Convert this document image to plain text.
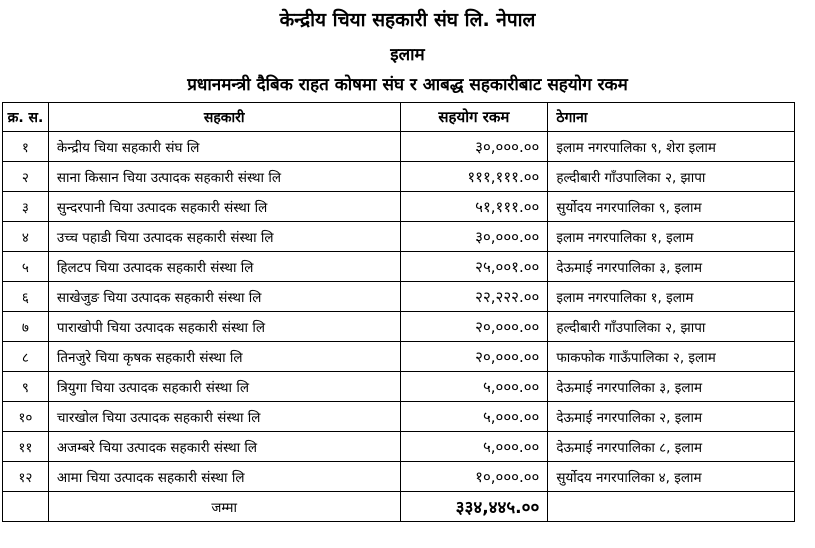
केन्द्रीय चिया सहकारी संघ लि. नेपाल
इलाम
प्रधानमन्त्री दैबिक राहत कोषमा संघ र आबद्ध सहकारीबाट सहयोग रकम
क्र. स.	सहकारी	सहयोग रकम	ठेगाना
१	केन्द्रीय चिया सहकारी संघ लि	३०,०००.००	इलाम नगरपालिका ९, शेरा इलाम
२	साना किसान चिया उत्पादक सहकारी संस्था लि	१११,१११.००	हल्दीबारी गाँउपालिका २, झापा
३	सुन्दरपानी चिया उत्पादक सहकारी संस्था लि	५१,१११.००	सुर्योदय नगरपालिका ९, इलाम
४	उच्च पहाडी चिया उत्पादक सहकारी संस्था लि	३०,०००.००	इलाम नगरपालिका १, इलाम
५	हिलटप चिया उत्पादक सहकारी संस्था लि	२५,००१.००	देऊमाई नगरपालिका ३, इलाम
६	साखेजुङ चिया उत्पादक सहकारी संस्था लि	२२,२२२.००	इलाम नगरपालिका १, इलाम
७	पाराखोपी चिया उत्पादक सहकारी संस्था लि	२०,०००.००	हल्दीबारी गाँउपालिका २, झापा
८	तिनजुरे चिया कृषक सहकारी संस्था लि	२०,०००.००	फाकफोक गाऊँपालिका २, इलाम
९	त्रियुगा चिया उत्पादक सहकारी संस्था लि	५,०००.००	देऊमाई नगरपालिका ३, इलाम
१०	चारखोल चिया उत्पादक सहकारी संस्था लि	५,०००.००	देऊमाई नगरपालिका २, इलाम
११	अजम्बरे चिया उत्पादक सहकारी संस्था लि	५,०००.००	देऊमाई नगरपालिका ८, इलाम
१२	आमा चिया उत्पादक सहकारी संस्था लि	१०,०००.००	सुर्योदय नगरपालिका ४, इलाम
	जम्मा	३३४,४४५.००	
